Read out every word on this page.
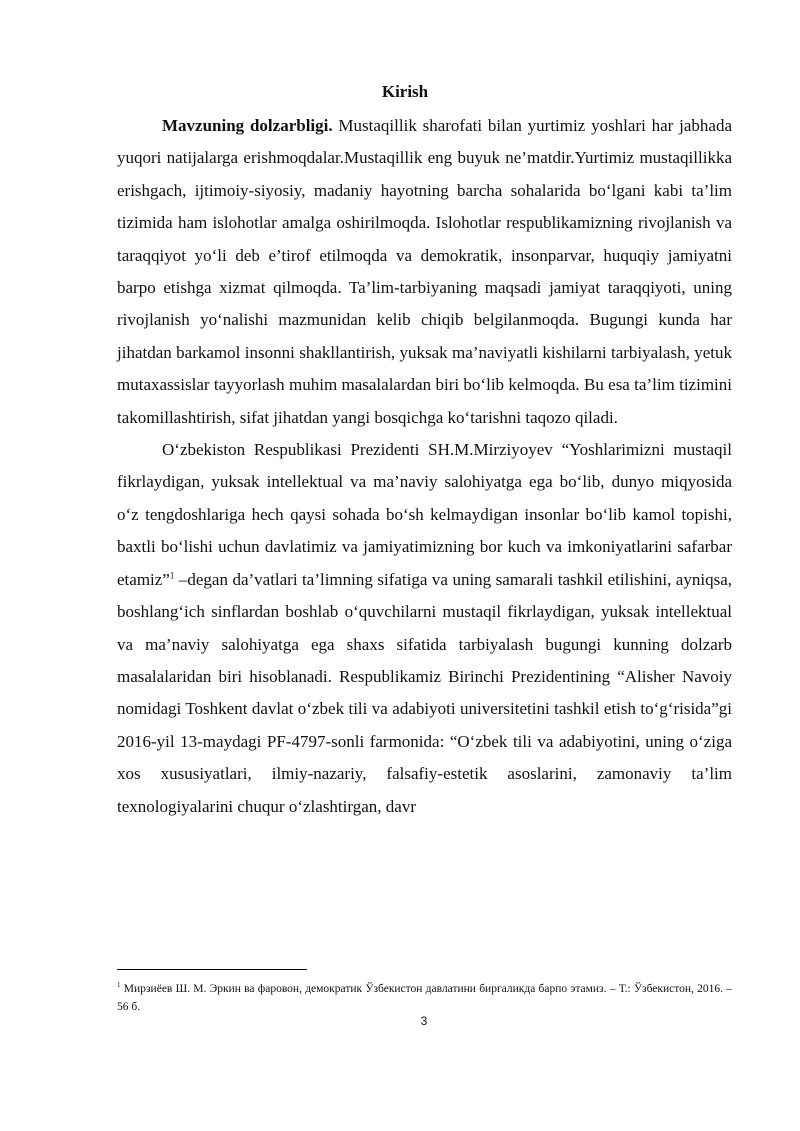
Kirish

Mavzuning dolzarbligi. Mustaqillik sharofati bilan yurtimiz yoshlari har jabhada yuqori natijalarga erishmoqdalar.Mustaqillik eng buyuk ne’matdir.Yurtimiz mustaqillikka erishgach, ijtimoiy-siyosiy, madaniy hayotning barcha sohalarida bo‘lgani kabi ta’lim tizimida ham islohotlar amalga oshirilmoqda. Islohotlar respublikamizning rivojlanish va taraqqiyot yo‘li deb e’tirof etilmoqda va demokratik, insonparvar, huquqiy jamiyatni barpo etishga xizmat qilmoqda. Ta’lim-tarbiyaning maqsadi jamiyat taraqqiyoti, uning rivojlanish yo‘nalishi mazmunidan kelib chiqib belgilanmoqda. Bugungi kunda har jihatdan barkamol insonni shakllantirish, yuksak ma’naviyatli kishilarni tarbiyalash, yetuk mutaxassislar tayyorlash muhim masalalardan biri bo‘lib kelmoqda. Bu esa ta’lim tizimini takomillashtirish, sifat jihatdan yangi bosqichga ko‘tarishni taqozo qiladi.

O‘zbekiston Respublikasi Prezidenti SH.M.Mirziyoyev “Yoshlarimizni mustaqil fikrlaydigan, yuksak intellektual va ma’naviy salohiyatga ega bo‘lib, dunyo miqyosida o‘z tengdoshlariga hech qaysi sohada bo‘sh kelmaydigan insonlar bo‘lib kamol topishi, baxtli bo‘lishi uchun davlatimiz va jamiyatimizning bor kuch va imkoniyatlarini safarbar etamiz”$^1$ –degan da’vatlari ta’limning sifatiga va uning samarali tashkil etilishini, ayniqsa, boshlang‘ich sinflardan boshlab o‘quvchilarni mustaqil fikrlaydigan, yuksak intellektual va ma’naviy salohiyatga ega shaxs sifatida tarbiyalash bugungi kunning dolzarb masalalaridan biri hisoblanadi. Respublikamiz Birinchi Prezidentining “Alisher Navoiy nomidagi Toshkent davlat o‘zbek tili va adabiyoti universitetini tashkil etish to‘g‘risida”gi 2016-yil 13-maydagi PF-4797-sonli farmonida: “O‘zbek tili va adabiyotini, uning o‘ziga xos xususiyatlari, ilmiy-nazariy, falsafiy-estetik asoslarini, zamonaviy ta’lim texnologiyalarini chuqur o‘zlashtirgan, davr

$^1$ Мирзиёев Ш. М. Эркин ва фаровон, демократик Ўзбекистон давлатини биргаликда барпо этамиз. – Т.: Ўзбекистон, 2016. – 56 б.
3
